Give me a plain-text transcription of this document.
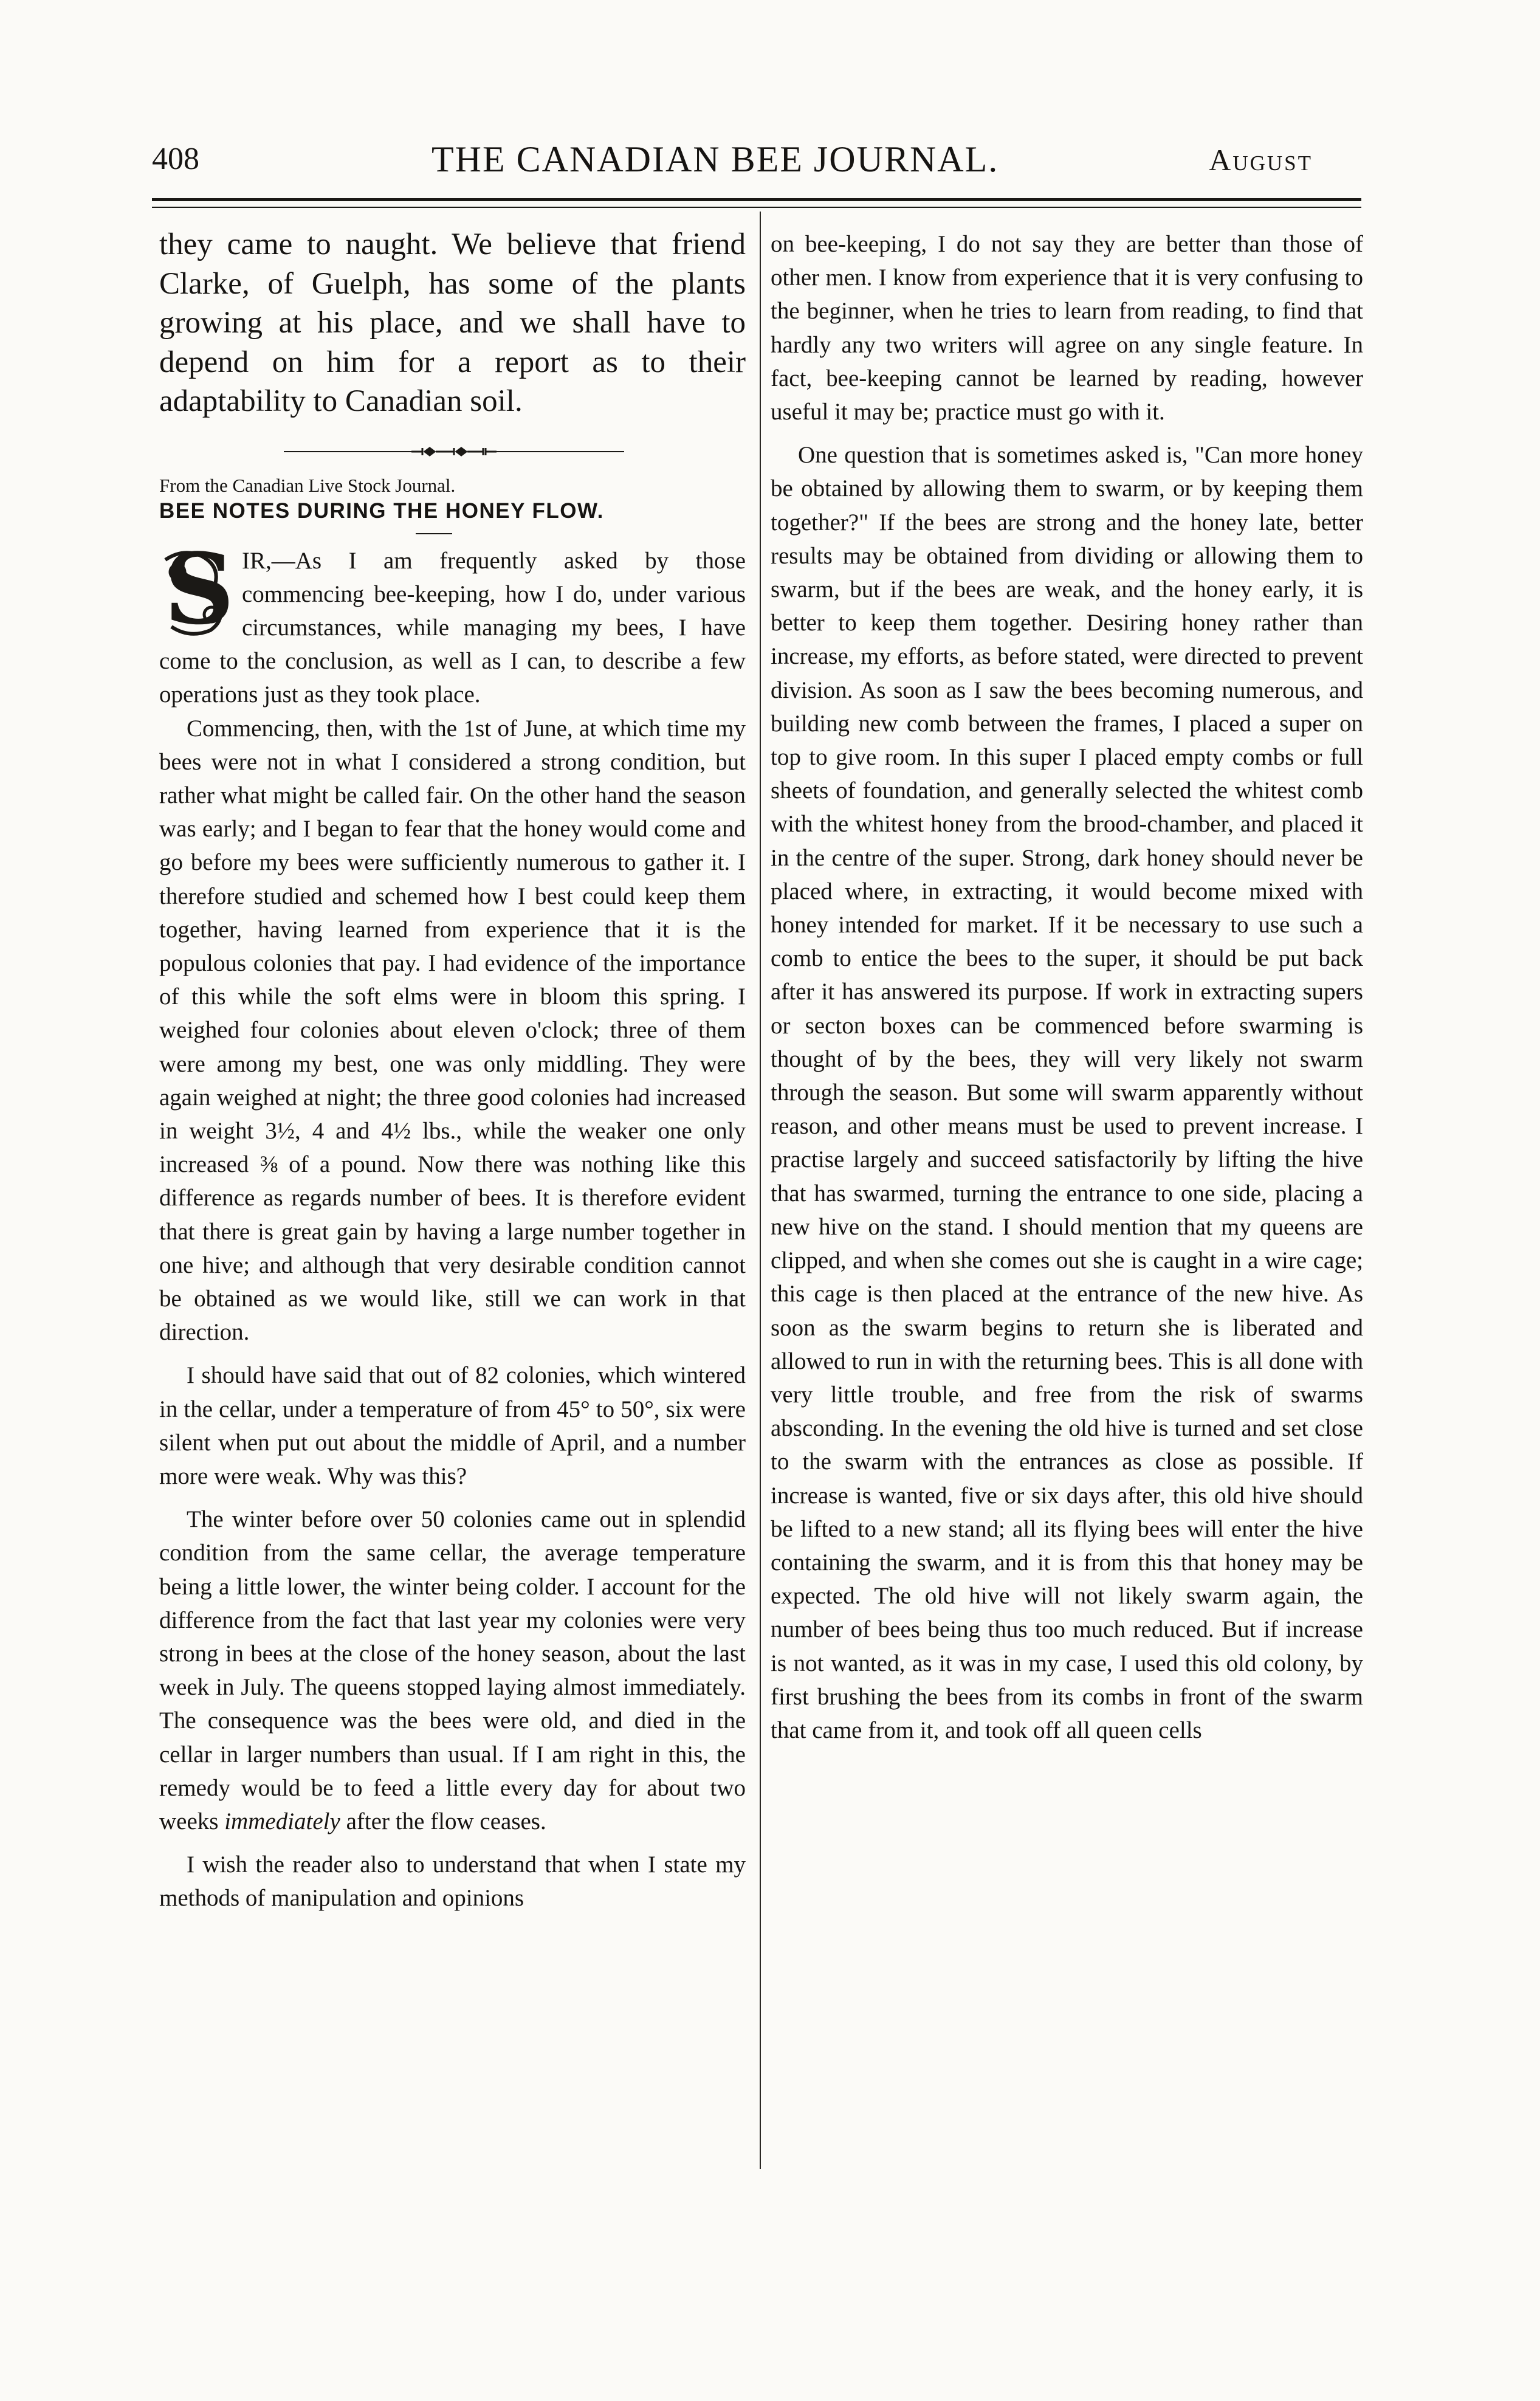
408	THE CANADIAN BEE JOURNAL.	August

they came to naught. We believe that friend Clarke, of Guelph, has some of the plants growing at his place, and we shall have to depend on him for a report as to their adaptability to Canadian soil.

From the Canadian Live Stock Journal.

BEE NOTES DURING THE HONEY FLOW.

S IR,—As I am frequently asked by those commencing bee-keeping, how I do, under various circumstances, while managing my bees, I have come to the conclusion, as well as I can, to describe a few operations just as they took place.

Commencing, then, with the 1st of June, at which time my bees were not in what I considered a strong condition, but rather what might be called fair. On the other hand the season was early; and I began to fear that the honey would come and go before my bees were sufficiently numerous to gather it. I therefore studied and schemed how I best could keep them together, having learned from experience that it is the populous colonies that pay. I had evidence of the importance of this while the soft elms were in bloom this spring. I weighed four colonies about eleven o'clock; three of them were among my best, one was only middling. They were again weighed at night; the three good colonies had increased in weight 3½, 4 and 4½ lbs., while the weaker one only increased ⅜ of a pound. Now there was nothing like this difference as regards number of bees. It is therefore evident that there is great gain by having a large number together in one hive; and although that very desirable condition cannot be obtained as we would like, still we can work in that direction.

I should have said that out of 82 colonies, which wintered in the cellar, under a temperature of from 45° to 50°, six were silent when put out about the middle of April, and a number more were weak. Why was this?

The winter before over 50 colonies came out in splendid condition from the same cellar, the average temperature being a little lower, the winter being colder. I account for the difference from the fact that last year my colonies were very strong in bees at the close of the honey season, about the last week in July. The queens stopped laying almost immediately. The consequence was the bees were old, and died in the cellar in larger numbers than usual. If I am right in this, the remedy would be to feed a little every day for about two weeks immediately after the flow ceases.

I wish the reader also to understand that when I state my methods of manipulation and opinions

on bee-keeping, I do not say they are better than those of other men. I know from experience that it is very confusing to the beginner, when he tries to learn from reading, to find that hardly any two writers will agree on any single feature. In fact, bee-keeping cannot be learned by reading, however useful it may be; practice must go with it.

One question that is sometimes asked is, "Can more honey be obtained by allowing them to swarm, or by keeping them together?" If the bees are strong and the honey late, better results may be obtained from dividing or allowing them to swarm, but if the bees are weak, and the honey early, it is better to keep them together. Desiring honey rather than increase, my efforts, as before stated, were directed to prevent division. As soon as I saw the bees becoming numerous, and building new comb between the frames, I placed a super on top to give room. In this super I placed empty combs or full sheets of foundation, and generally selected the whitest comb with the whitest honey from the brood-chamber, and placed it in the centre of the super. Strong, dark honey should never be placed where, in extracting, it would become mixed with honey intended for market. If it be necessary to use such a comb to entice the bees to the super, it should be put back after it has answered its purpose. If work in extracting supers or secton boxes can be commenced before swarming is thought of by the bees, they will very likely not swarm through the season. But some will swarm apparently without reason, and other means must be used to prevent increase. I practise largely and succeed satisfactorily by lifting the hive that has swarmed, turning the entrance to one side, placing a new hive on the stand. I should mention that my queens are clipped, and when she comes out she is caught in a wire cage; this cage is then placed at the entrance of the new hive. As soon as the swarm begins to return she is liberated and allowed to run in with the returning bees. This is all done with very little trouble, and free from the risk of swarms absconding. In the evening the old hive is turned and set close to the swarm with the entrances as close as possible. If increase is wanted, five or six days after, this old hive should be lifted to a new stand; all its flying bees will enter the hive containing the swarm, and it is from this that honey may be expected. The old hive will not likely swarm again, the number of bees being thus too much reduced. But if increase is not wanted, as it was in my case, I used this old colony, by first brushing the bees from its combs in front of the swarm that came from it, and took off all queen cells
